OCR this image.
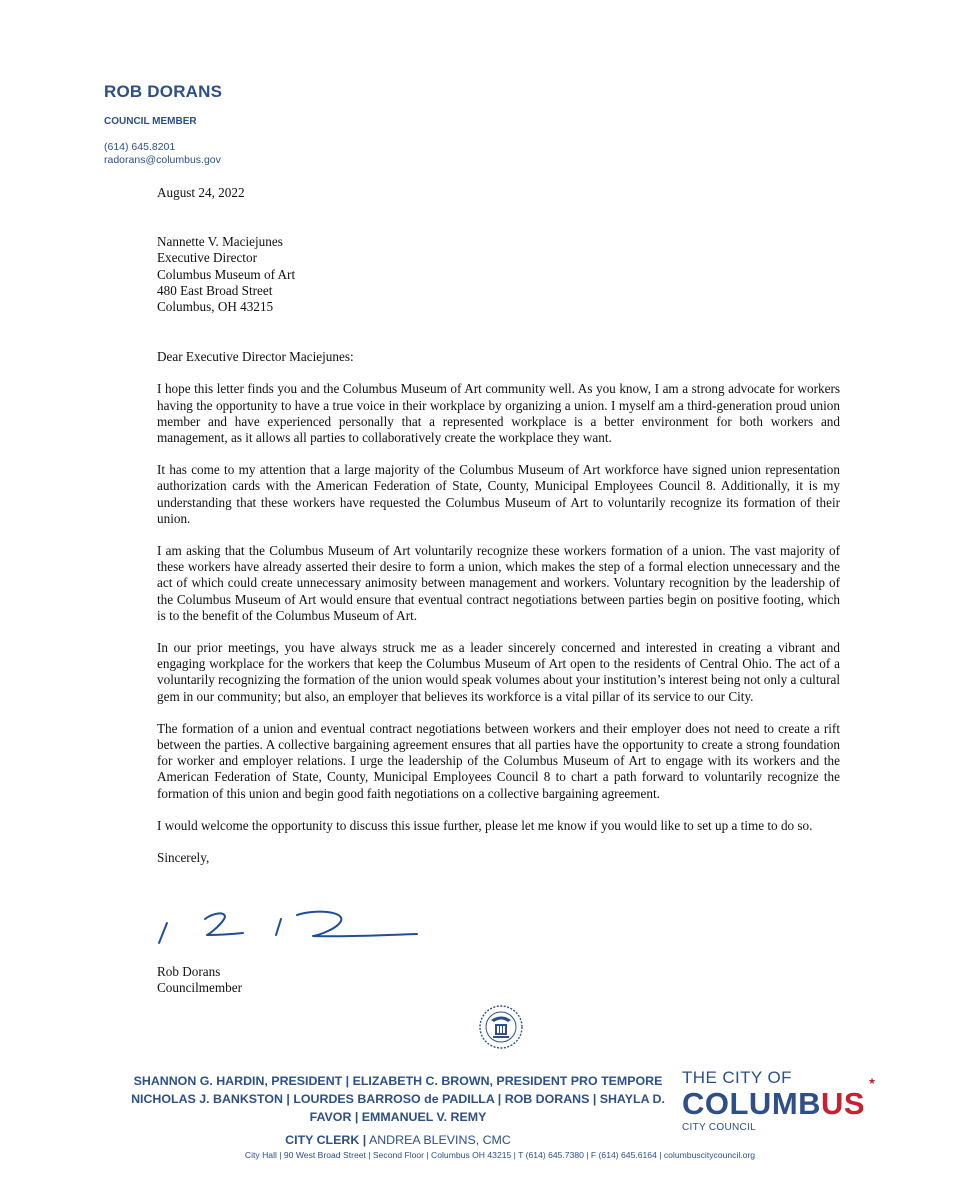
ROB DORANS
COUNCIL MEMBER
(614) 645.8201
radorans@columbus.gov

August 24, 2022

Nannette V. Maciejunes
Executive Director
Columbus Museum of Art
480 East Broad Street
Columbus, OH 43215

Dear Executive Director Maciejunes:

I hope this letter finds you and the Columbus Museum of Art community well. As you know, I am a strong advocate for workers having the opportunity to have a true voice in their workplace by organizing a union. I myself am a third-generation proud union member and have experienced personally that a represented workplace is a better environment for both workers and management, as it allows all parties to collaboratively create the workplace they want.

It has come to my attention that a large majority of the Columbus Museum of Art workforce have signed union representation authorization cards with the American Federation of State, County, Municipal Employees Council 8. Additionally, it is my understanding that these workers have requested the Columbus Museum of Art to voluntarily recognize its formation of their union.

I am asking that the Columbus Museum of Art voluntarily recognize these workers formation of a union. The vast majority of these workers have already asserted their desire to form a union, which makes the step of a formal election unnecessary and the act of which could create unnecessary animosity between management and workers. Voluntary recognition by the leadership of the Columbus Museum of Art would ensure that eventual contract negotiations between parties begin on positive footing, which is to the benefit of the Columbus Museum of Art.

In our prior meetings, you have always struck me as a leader sincerely concerned and interested in creating a vibrant and engaging workplace for the workers that keep the Columbus Museum of Art open to the residents of Central Ohio. The act of a voluntarily recognizing the formation of the union would speak volumes about your institution’s interest being not only a cultural gem in our community; but also, an employer that believes its workforce is a vital pillar of its service to our City.

The formation of a union and eventual contract negotiations between workers and their employer does not need to create a rift between the parties. A collective bargaining agreement ensures that all parties have the opportunity to create a strong foundation for worker and employer relations. I urge the leadership of the Columbus Museum of Art to engage with its workers and the American Federation of State, County, Municipal Employees Council 8 to chart a path forward to voluntarily recognize the formation of this union and begin good faith negotiations on a collective bargaining agreement.

I would welcome the opportunity to discuss this issue further, please let me know if you would like to set up a time to do so.

Sincerely,

Rob Dorans
Councilmember
SHANNON G. HARDIN, PRESIDENT | ELIZABETH C. BROWN, PRESIDENT PRO TEMPORE
NICHOLAS J. BANKSTON | LOURDES BARROSO de PADILLA | ROB DORANS | SHAYLA D.
FAVOR | EMMANUEL V. REMY
CITY CLERK | ANDREA BLEVINS, CMC
City Hall | 90 West Broad Street | Second Floor | Columbus OH 43215 | T (614) 645.7380 | F (614) 645.6164 | columbuscitycouncil.org
THE CITY OF
COLUMBUS
★
CITY COUNCIL
